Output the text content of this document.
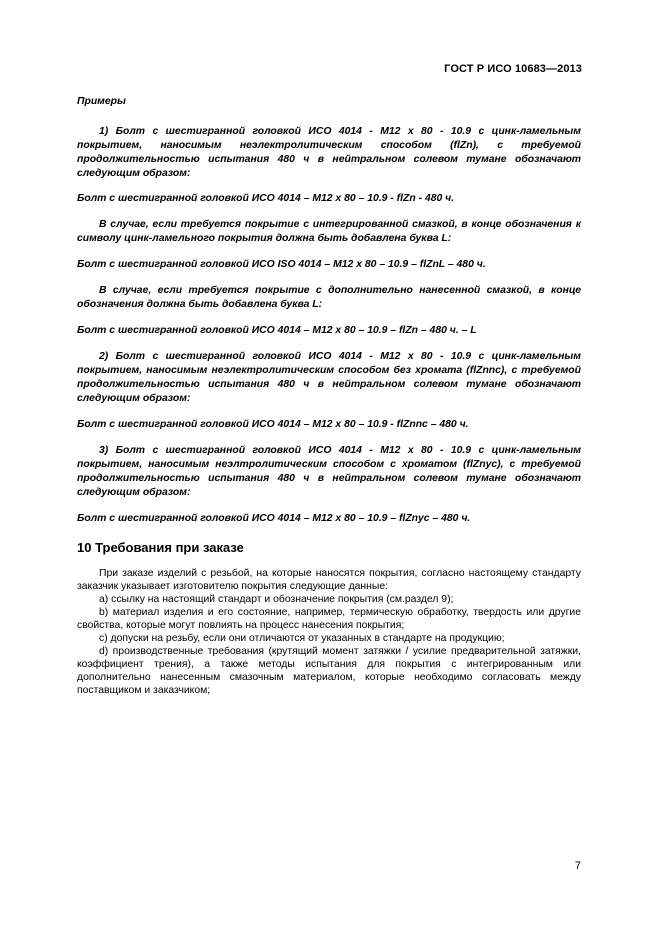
ГОСТ Р ИСО 10683—2013

Примеры

1) Болт с шестигранной головкой ИСО 4014 - М12 х 80 - 10.9 с цинк-ламельным покрытием, наносимым неэлектролитическим способом (flZn), с требуемой продолжительностью испытания 480 ч в нейтральном солевом тумане обозначают следующим образом:

Болт с шестигранной головкой ИСО 4014 – М12 х 80 – 10.9 - flZn - 480 ч.

В случае, если требуется покрытие с интегрированной смазкой, в конце обозначения к символу цинк-ламельного покрытия должна быть добавлена буква L:

Болт с шестигранной головкой ИСО ISO 4014 – М12 х 80 – 10.9 – flZnL – 480 ч.

В случае, если требуется покрытие с дополнительно нанесенной смазкой, в конце обозначения должна быть добавлена буква L:

Болт с шестигранной головкой ИСО 4014 – М12 х 80 – 10.9 – flZn – 480 ч. – L

2) Болт с шестигранной головкой ИСО 4014 - М12 х 80 - 10.9 с цинк-ламельным покрытием, наносимым неэлектролитическим способом без хромата (flZnnc), с требуемой продолжительностью испытания 480 ч в нейтральном солевом тумане обозначают следующим образом:

Болт с шестигранной головкой ИСО 4014 – М12 х 80 – 10.9 - flZnnc – 480 ч.

3) Болт с шестигранной головкой ИСО 4014 - М12 х 80 - 10.9 с цинк-ламельным покрытием, наносимым неэлтролитическим способом с хроматом (flZnyc), с требуемой продолжительностью испытания 480 ч в нейтральном солевом тумане обозначают следующим образом:

Болт с шестигранной головкой ИСО 4014 – М12 х 80 – 10.9 – flZnyc – 480 ч.

10 Требования при заказе

При заказе изделий с резьбой, на которые наносятся покрытия, согласно настоящему стандарту заказчик указывает изготовителю покрытия следующие данные:

a) ссылку на настоящий стандарт и обозначение покрытия (см.раздел 9);

b) материал изделия и его состояние, например, термическую обработку, твердость или другие свойства, которые могут повлиять на процесс нанесения покрытия;

c) допуски на резьбу, если они отличаются от указанных в стандарте на продукцию;

d) производственные требования (крутящий момент затяжки / усилие предварительной затяжки, коэффициент трения), а также методы испытания для покрытия с интегрированным или дополнительно нанесенным смазочным материалом, которые необходимо согласовать между поставщиком и заказчиком;

7
